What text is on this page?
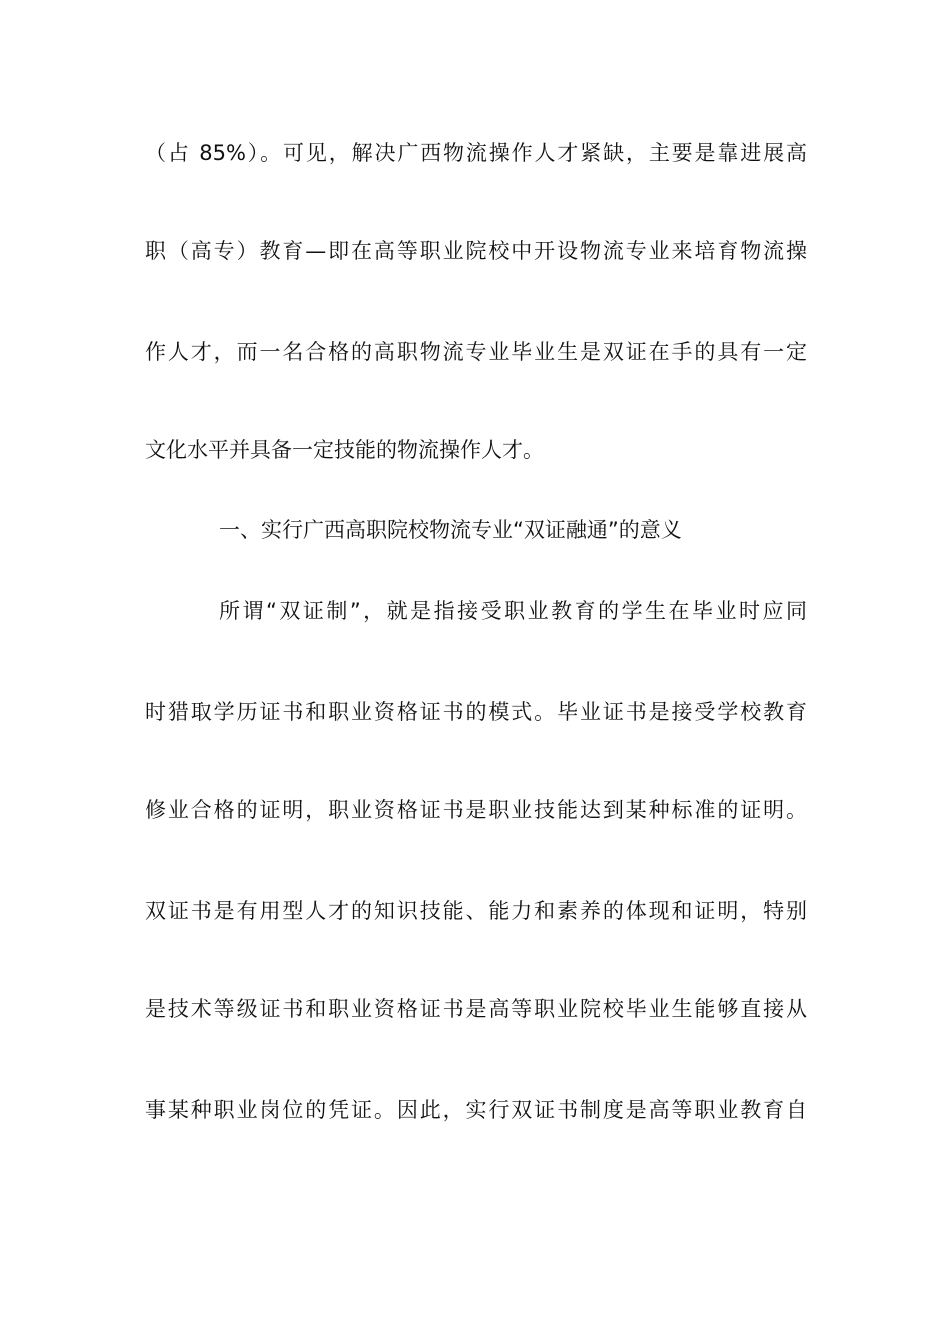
（占 85%）。可见，解决广西物流操作人才紧缺，主要是靠进展高
职（高专）教育—即在高等职业院校中开设物流专业来培育物流操
作人才，而一名合格的高职物流专业毕业生是双证在手的具有一定
文化水平并具备一定技能的物流操作人才。
一、实行广西高职院校物流专业“双证融通”的意义
所谓“双证制”，就是指接受职业教育的学生在毕业时应同
时猎取学历证书和职业资格证书的模式。毕业证书是接受学校教育
修业合格的证明，职业资格证书是职业技能达到某种标准的证明。
双证书是有用型人才的知识技能、能力和素养的体现和证明，特别
是技术等级证书和职业资格证书是高等职业院校毕业生能够直接从
事某种职业岗位的凭证。因此，实行双证书制度是高等职业教育自
